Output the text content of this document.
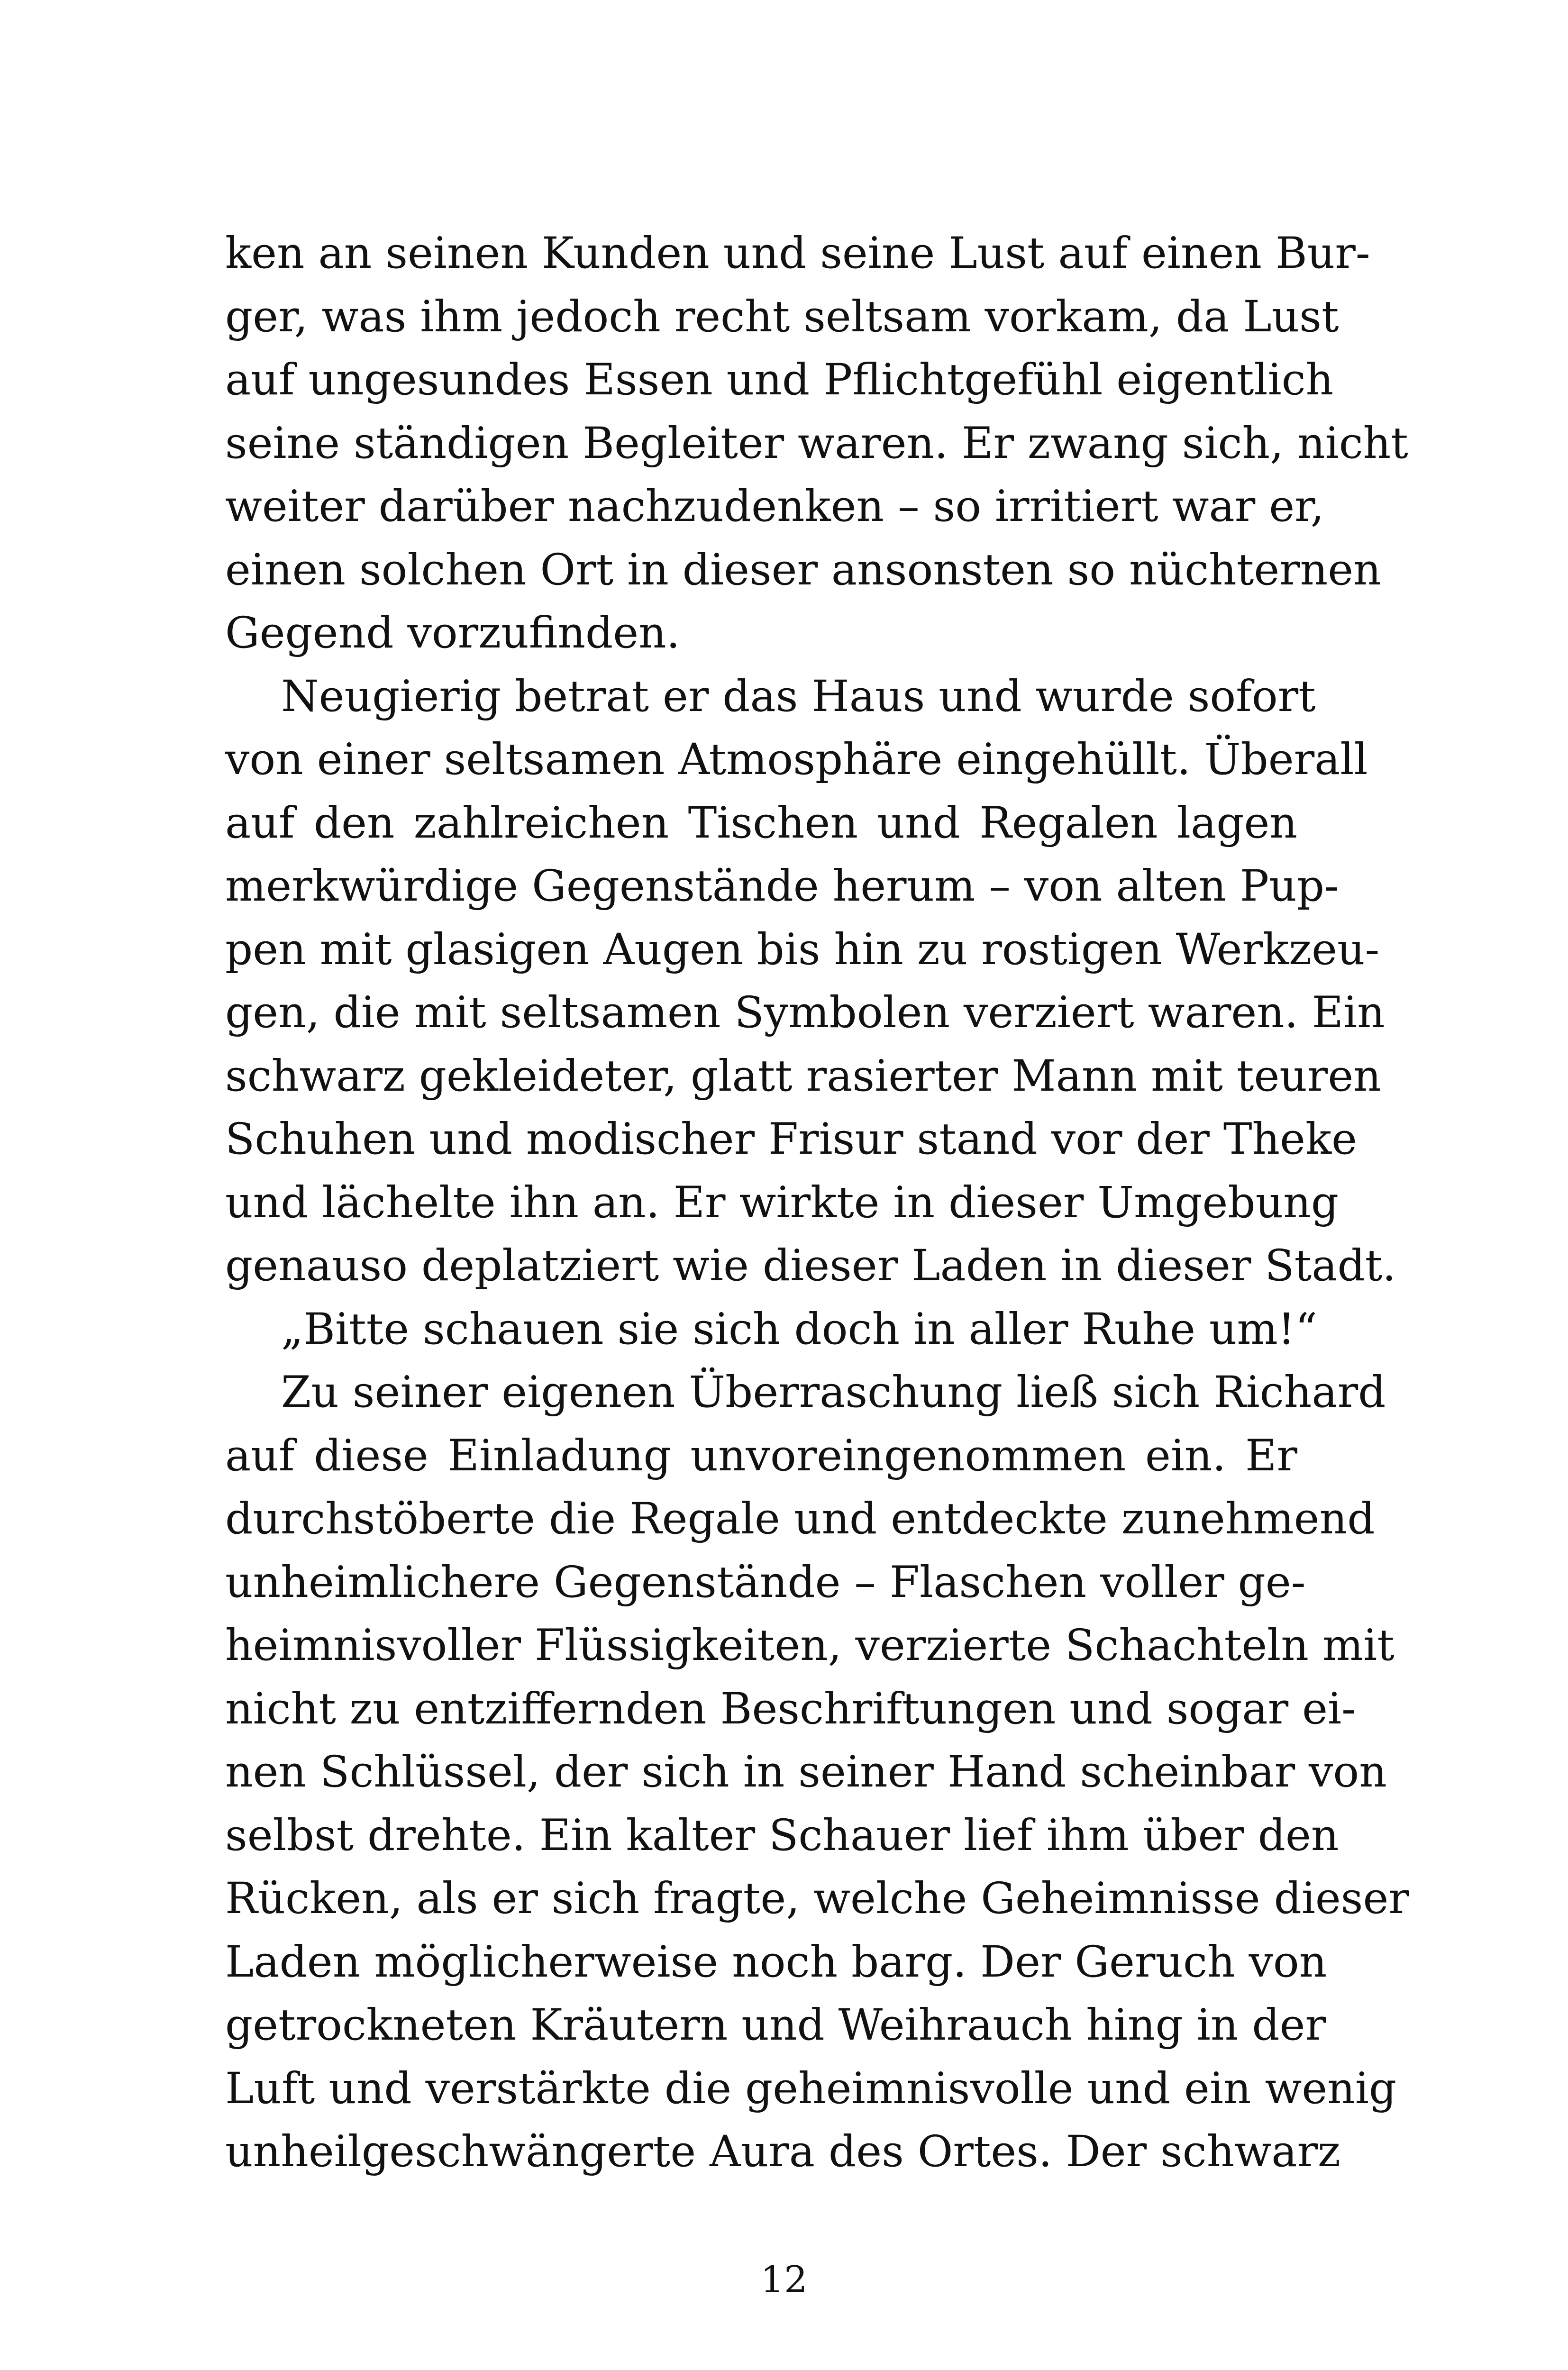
ken an seinen Kunden und seine Lust auf einen Bur-
ger, was ihm jedoch recht seltsam vorkam, da Lust
auf ungesundes Essen und Pflichtgefühl eigentlich
seine ständigen Begleiter waren. Er zwang sich, nicht
weiter darüber nachzudenken – so irritiert war er,
einen solchen Ort in dieser ansonsten so nüchternen
Gegend vorzufinden.
Neugierig betrat er das Haus und wurde sofort
von einer seltsamen Atmosphäre eingehüllt. Überall
auf den zahlreichen Tischen und Regalen lagen
merkwürdige Gegenstände herum – von alten Pup-
pen mit glasigen Augen bis hin zu rostigen Werkzeu-
gen, die mit seltsamen Symbolen verziert waren. Ein
schwarz gekleideter, glatt rasierter Mann mit teuren
Schuhen und modischer Frisur stand vor der Theke
und lächelte ihn an. Er wirkte in dieser Umgebung
genauso deplatziert wie dieser Laden in dieser Stadt.
„Bitte schauen sie sich doch in aller Ruhe um!“
Zu seiner eigenen Überraschung ließ sich Richard
auf diese Einladung unvoreingenommen ein. Er
durchstöberte die Regale und entdeckte zunehmend
unheimlichere Gegenstände – Flaschen voller ge-
heimnisvoller Flüssigkeiten, verzierte Schachteln mit
nicht zu entziffernden Beschriftungen und sogar ei-
nen Schlüssel, der sich in seiner Hand scheinbar von
selbst drehte. Ein kalter Schauer lief ihm über den
Rücken, als er sich fragte, welche Geheimnisse dieser
Laden möglicherweise noch barg. Der Geruch von
getrockneten Kräutern und Weihrauch hing in der
Luft und verstärkte die geheimnisvolle und ein wenig
unheilgeschwängerte Aura des Ortes. Der schwarz
12
